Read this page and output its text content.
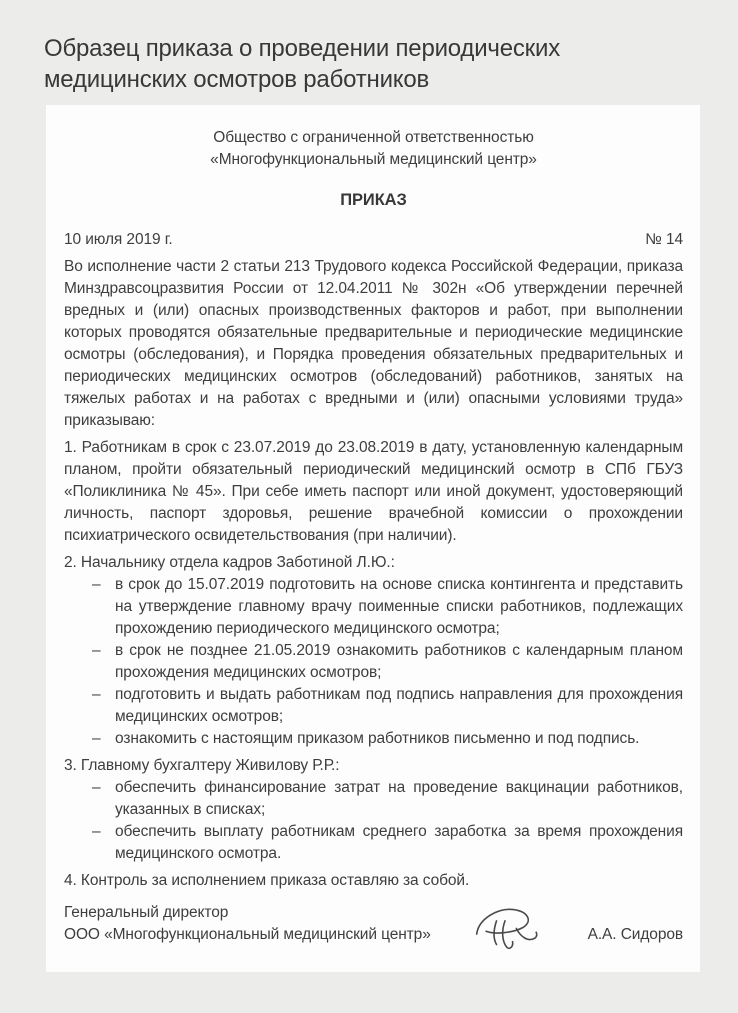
Образец приказа о проведении периодических медицинских осмотров работников
Общество с ограниченной ответственностью
«Многофункциональный медицинский центр»
ПРИКАЗ
10 июля 2019 г.	№ 14

Во исполнение части 2 статьи 213 Трудового кодекса Российской Федерации, приказа Минздравсоцразвития России от 12.04.2011 № 302н «Об утверждении перечней вредных и (или) опасных производственных факторов и работ, при выполнении которых проводятся обязательные предварительные и периодические медицинские осмотры (обследования), и Порядка проведения обязательных предварительных и периодических медицинских осмотров (обследований) работников, занятых на тяжелых работах и на работах с вредными и (или) опасными условиями труда» приказываю:

1. Работникам в срок с 23.07.2019 до 23.08.2019 в дату, установленную календарным планом, пройти обязательный периодический медицинский осмотр в СПб ГБУЗ «Поликлиника № 45». При себе иметь паспорт или иной документ, удостоверяющий личность, паспорт здоровья, решение врачебной комиссии о прохождении психиатрического освидетельствования (при наличии).

2. Начальнику отдела кадров Заботиной Л.Ю.:

– в срок до 15.07.2019 подготовить на основе списка контингента и представить на утверждение главному врачу поименные списки работников, подлежащих прохождению периодического медицинского осмотра;
– в срок не позднее 21.05.2019 ознакомить работников с календарным планом прохождения медицинских осмотров;
– подготовить и выдать работникам под подпись направления для прохождения медицинских осмотров;
– ознакомить с настоящим приказом работников письменно и под подпись.

3. Главному бухгалтеру Живилову Р.Р.:

– обеспечить финансирование затрат на проведение вакцинации работников, указанных в списках;
– обеспечить выплату работникам среднего заработка за время прохождения медицинского осмотра.

4. Контроль за исполнением приказа оставляю за собой.

Генеральный директор
ООО «Многофункциональный медицинский центр»	А.А. Сидоров
